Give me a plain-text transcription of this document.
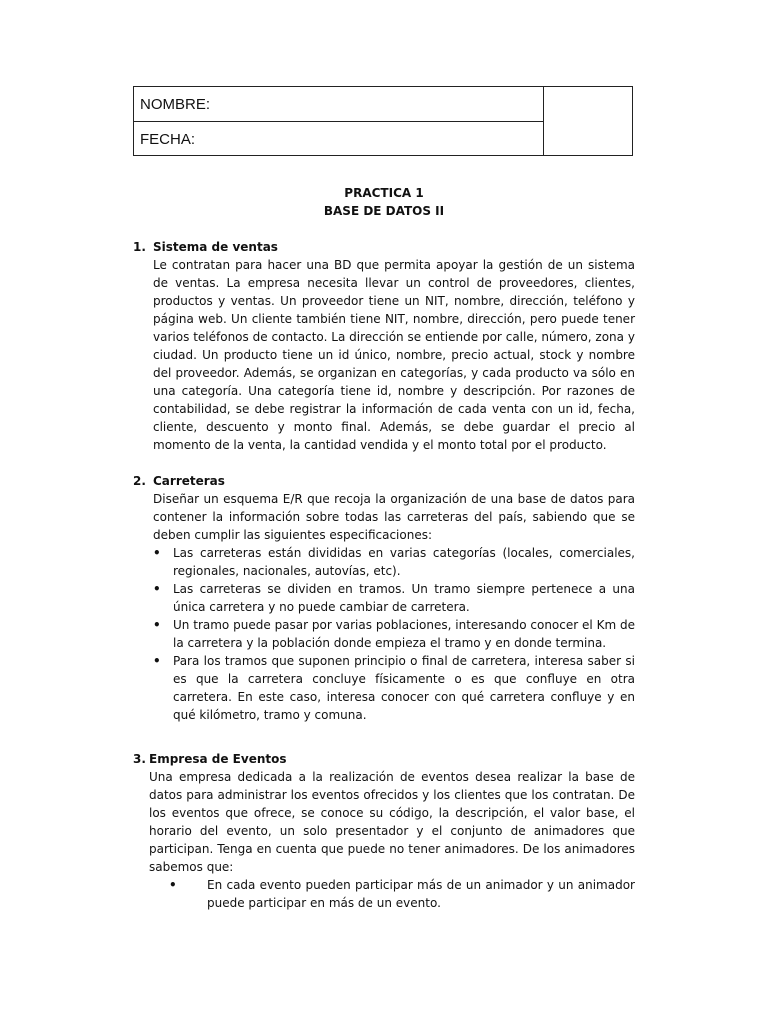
NOMBRE:
FECHA:

PRACTICA 1

BASE DE DATOS II

1. Sistema de ventas
Le contratan para hacer una BD que permita apoyar la gestión de un sistema de ventas. La empresa necesita llevar un control de proveedores, clientes, productos y ventas. Un proveedor tiene un NIT, nombre, dirección, teléfono y página web. Un cliente también tiene NIT, nombre, dirección, pero puede tener varios teléfonos de contacto. La dirección se entiende por calle, número, zona y ciudad. Un producto tiene un id único, nombre, precio actual, stock y nombre del proveedor. Además, se organizan en categorías, y cada producto va sólo en una categoría. Una categoría tiene id, nombre y descripción. Por razones de contabilidad, se debe registrar la información de cada venta con un id, fecha, cliente, descuento y monto final. Además, se debe guardar el precio al momento de la venta, la cantidad vendida y el monto total por el producto.
2. Carreteras
Diseñar un esquema E/R que recoja la organización de una base de datos para contener la información sobre todas las carreteras del país, sabiendo que se deben cumplir las siguientes especificaciones:
•	Las carreteras están divididas en varias categorías (locales, comerciales, regionales, nacionales, autovías, etc).
•	Las carreteras se dividen en tramos. Un tramo siempre pertenece a una única carretera y no puede cambiar de carretera.
•	Un tramo puede pasar por varias poblaciones, interesando conocer el Km de la carretera y la población donde empieza el tramo y en donde termina.
•	Para los tramos que suponen principio o final de carretera, interesa saber si es que la carretera concluye físicamente o es que confluye en otra carretera. En este caso, interesa conocer con qué carretera confluye y en qué kilómetro, tramo y comuna.
3. Empresa de Eventos
Una empresa dedicada a la realización de eventos desea realizar la base de datos para administrar los eventos ofrecidos y los clientes que los contratan. De los eventos que ofrece, se conoce su código, la descripción, el valor base, el horario del evento, un solo presentador y el conjunto de animadores que participan. Tenga en cuenta que puede no tener animadores. De los animadores sabemos que:
•	En cada evento pueden participar más de un animador y un animador puede participar en más de un evento.
